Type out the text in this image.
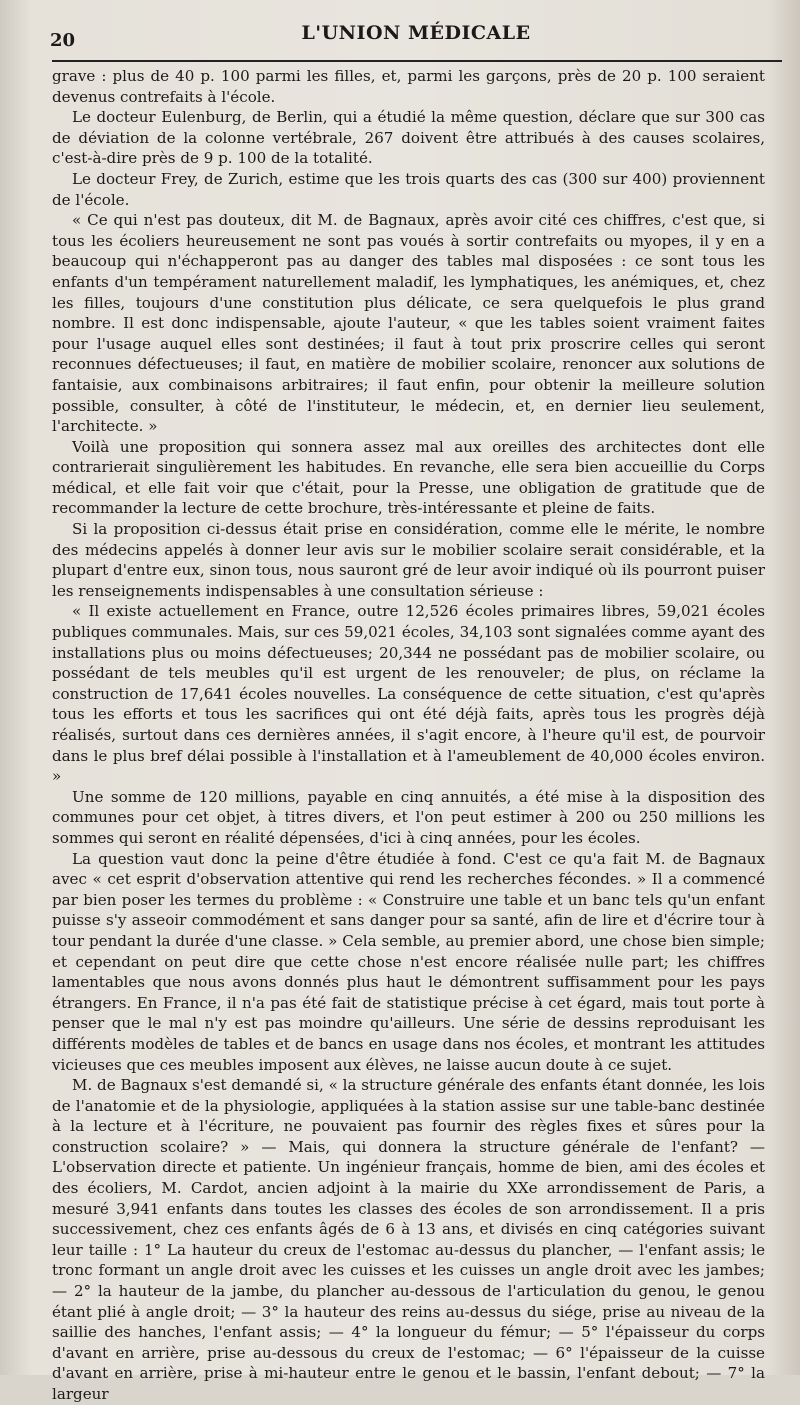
20	L'UNION MÉDICALE

grave : plus de 40 p. 100 parmi les filles, et, parmi les garçons, près de 20 p. 100 seraient devenus contrefaits à l'école.

Le docteur Eulenburg, de Berlin, qui a étudié la même question, déclare que sur 300 cas de déviation de la colonne vertébrale, 267 doivent être attribués à des causes scolaires, c'est-à-dire près de 9 p. 100 de la totalité.

Le docteur Frey, de Zurich, estime que les trois quarts des cas (300 sur 400) proviennent de l'école.

« Ce qui n'est pas douteux, dit M. de Bagnaux, après avoir cité ces chiffres, c'est que, si tous les écoliers heureusement ne sont pas voués à sortir contrefaits ou myopes, il y en a beaucoup qui n'échapperont pas au danger des tables mal disposées : ce sont tous les enfants d'un tempérament naturellement maladif, les lymphatiques, les anémiques, et, chez les filles, toujours d'une constitution plus délicate, ce sera quelquefois le plus grand nombre. Il est donc indispensable, ajoute l'auteur, « que les tables soient vraiment faites pour l'usage auquel elles sont destinées; il faut à tout prix proscrire celles qui seront reconnues défectueuses; il faut, en matière de mobilier scolaire, renoncer aux solutions de fantaisie, aux combinaisons arbitraires; il faut enfin, pour obtenir la meilleure solution possible, consulter, à côté de l'instituteur, le médecin, et, en dernier lieu seulement, l'architecte. »

Voilà une proposition qui sonnera assez mal aux oreilles des architectes dont elle contrarierait singulièrement les habitudes. En revanche, elle sera bien accueillie du Corps médical, et elle fait voir que c'était, pour la Presse, une obligation de gratitude que de recommander la lecture de cette brochure, très-intéressante et pleine de faits.

Si la proposition ci-dessus était prise en considération, comme elle le mérite, le nombre des médecins appelés à donner leur avis sur le mobilier scolaire serait considérable, et la plupart d'entre eux, sinon tous, nous sauront gré de leur avoir indiqué où ils pourront puiser les renseignements indispensables à une consultation sérieuse :

« Il existe actuellement en France, outre 12,526 écoles primaires libres, 59,021 écoles publiques communales. Mais, sur ces 59,021 écoles, 34,103 sont signalées comme ayant des installations plus ou moins défectueuses; 20,344 ne possédant pas de mobilier scolaire, ou possédant de tels meubles qu'il est urgent de les renouveler; de plus, on réclame la construction de 17,641 écoles nouvelles. La conséquence de cette situation, c'est qu'après tous les efforts et tous les sacrifices qui ont été déjà faits, après tous les progrès déjà réalisés, surtout dans ces dernières années, il s'agit encore, à l'heure qu'il est, de pourvoir dans le plus bref délai possible à l'installation et à l'ameublement de 40,000 écoles environ. »

Une somme de 120 millions, payable en cinq annuités, a été mise à la disposition des communes pour cet objet, à titres divers, et l'on peut estimer à 200 ou 250 millions les sommes qui seront en réalité dépensées, d'ici à cinq années, pour les écoles.

La question vaut donc la peine d'être étudiée à fond. C'est ce qu'a fait M. de Bagnaux avec « cet esprit d'observation attentive qui rend les recherches fécondes. » Il a commencé par bien poser les termes du problème : « Construire une table et un banc tels qu'un enfant puisse s'y asseoir commodément et sans danger pour sa santé, afin de lire et d'écrire tour à tour pendant la durée d'une classe. » Cela semble, au premier abord, une chose bien simple; et cependant on peut dire que cette chose n'est encore réalisée nulle part; les chiffres lamentables que nous avons donnés plus haut le démontrent suffisamment pour les pays étrangers. En France, il n'a pas été fait de statistique précise à cet égard, mais tout porte à penser que le mal n'y est pas moindre qu'ailleurs. Une série de dessins reproduisant les différents modèles de tables et de bancs en usage dans nos écoles, et montrant les attitudes vicieuses que ces meubles imposent aux élèves, ne laisse aucun doute à ce sujet.

M. de Bagnaux s'est demandé si, « la structure générale des enfants étant donnée, les lois de l'anatomie et de la physiologie, appliquées à la station assise sur une table-banc destinée à la lecture et à l'écriture, ne pouvaient pas fournir des règles fixes et sûres pour la construction scolaire? » — Mais, qui donnera la structure générale de l'enfant? — L'observation directe et patiente. Un ingénieur français, homme de bien, ami des écoles et des écoliers, M. Cardot, ancien adjoint à la mairie du XXe arrondissement de Paris, a mesuré 3,941 enfants dans toutes les classes des écoles de son arrondissement. Il a pris successivement, chez ces enfants âgés de 6 à 13 ans, et divisés en cinq catégories suivant leur taille : 1° La hauteur du creux de l'estomac au-dessus du plancher, — l'enfant assis; le tronc formant un angle droit avec les cuisses et les cuisses un angle droit avec les jambes; — 2° la hauteur de la jambe, du plancher au-dessous de l'articulation du genou, le genou étant plié à angle droit; — 3° la hauteur des reins au-dessus du siége, prise au niveau de la saillie des hanches, l'enfant assis; — 4° la longueur du fémur; — 5° l'épaisseur du corps d'avant en arrière, prise au-dessous du creux de l'estomac; — 6° l'épaisseur de la cuisse d'avant en arrière, prise à mi-hauteur entre le genou et le bassin, l'enfant debout; — 7° la largeur
